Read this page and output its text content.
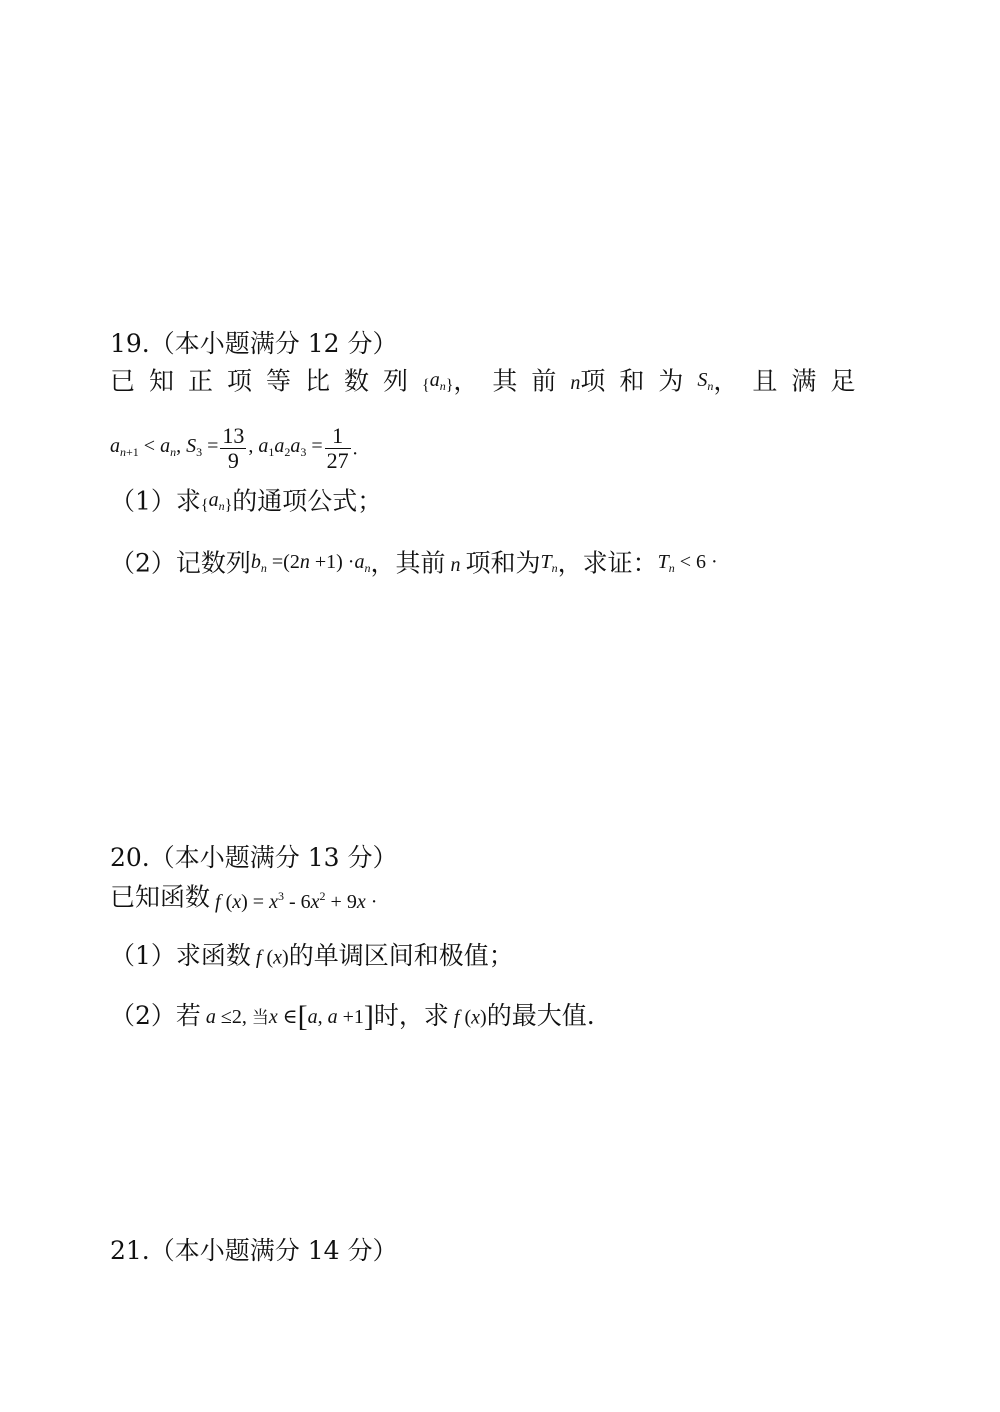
19.（本小题满分 12 分）
已知正项等比数列$_{\{}a_{n\}}$，其前n项和为$S_n$，且满足
$a_{n+1} < a_n$, $S_3 = \frac{13}{9}$ , $a_1a_2a_3 = \frac{1}{27}$ .
（1）求$_{\{}a_{n\}}$的通项公式；
（2）记数列$b_n =(2n +1) \cdot a_n$，其前 n 项和为$T_n$，求证：$T_n < 6$ ·
20.（本小题满分 13 分）
已知函数 f $(x) = x^3 - 6x^2 + 9x$ ·
（1）求函数 f (x)的单调区间和极值；
（2）若 a ≤2, 当x ∈[a, a +1]时，求 f (x)的最大值.
21.（本小题满分 14 分）
